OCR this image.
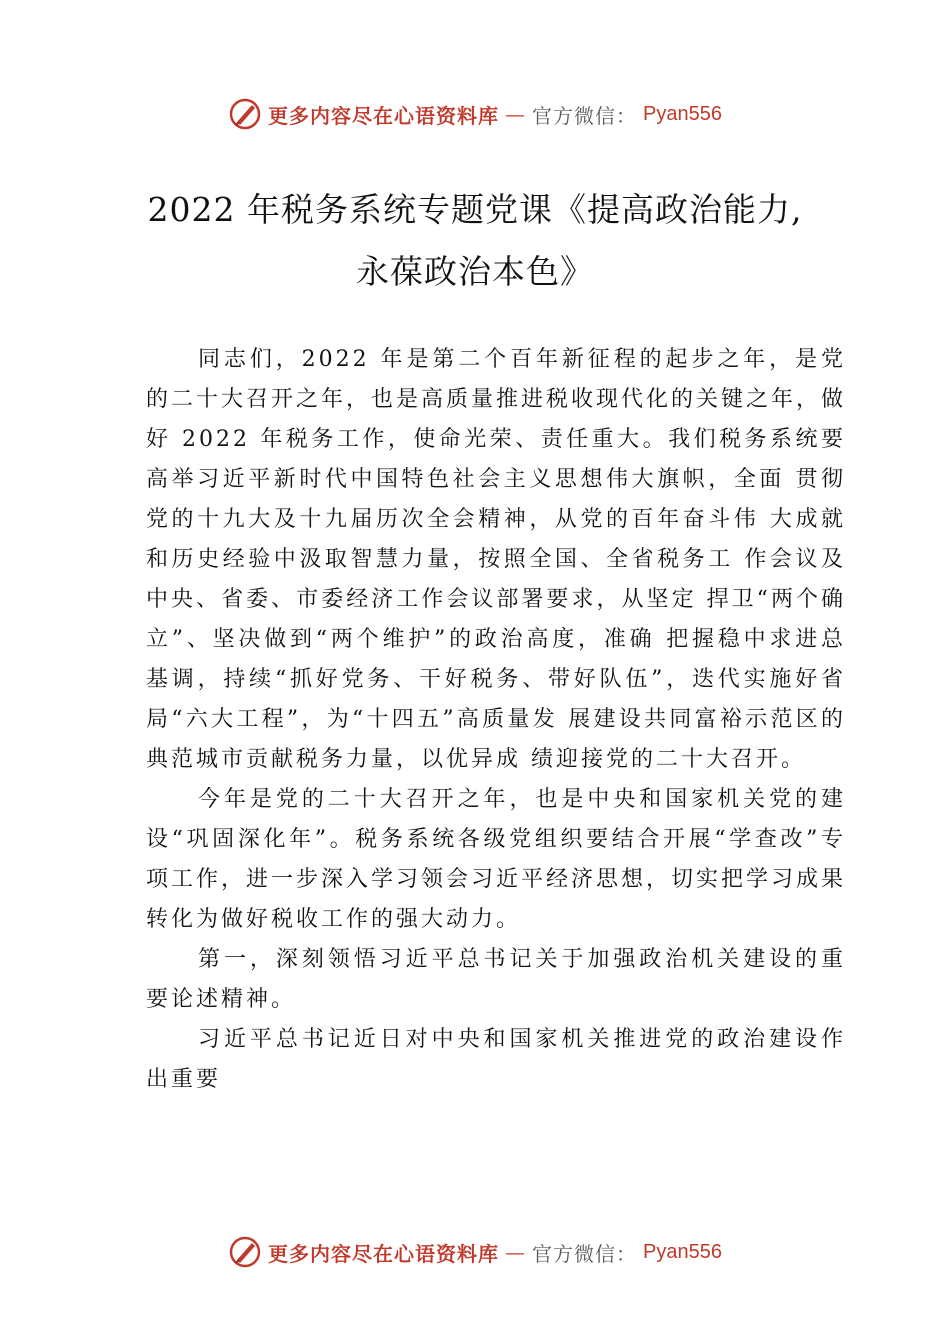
更多内容尽在心语资料库 — 官方微信： Pyan556
2022 年税务系统专题党课《提高政治能力,
永葆政治本色》

同志们，2022 年是第二个百年新征程的起步之年，是党的二十大召开之年，也是高质量推进税收现代化的关键之年，做好 2022 年税务工作，使命光荣、责任重大。我们税务系统要高举习近平新时代中国特色社会主义思想伟大旗帜，全面 贯彻党的十九大及十九届历次全会精神，从党的百年奋斗伟 大成就和历史经验中汲取智慧力量，按照全国、全省税务工 作会议及中央、省委、市委经济工作会议部署要求，从坚定 捍卫“两个确立”、坚决做到“两个维护”的政治高度，准确 把握稳中求进总基调，持续“抓好党务、干好税务、带好队伍”，迭代实施好省局“六大工程”，为“十四五”高质量发 展建设共同富裕示范区的典范城市贡献税务力量，以优异成 绩迎接党的二十大召开。

今年是党的二十大召开之年，也是中央和国家机关党的建设“巩固深化年”。税务系统各级党组织要结合开展“学查改”专项工作，进一步深入学习领会习近平经济思想，切实把学习成果转化为做好税收工作的强大动力。

第一，深刻领悟习近平总书记关于加强政治机关建设的重要论述精神。

习近平总书记近日对中央和国家机关推进党的政治建设作出重要

更多内容尽在心语资料库 — 官方微信： Pyan556
